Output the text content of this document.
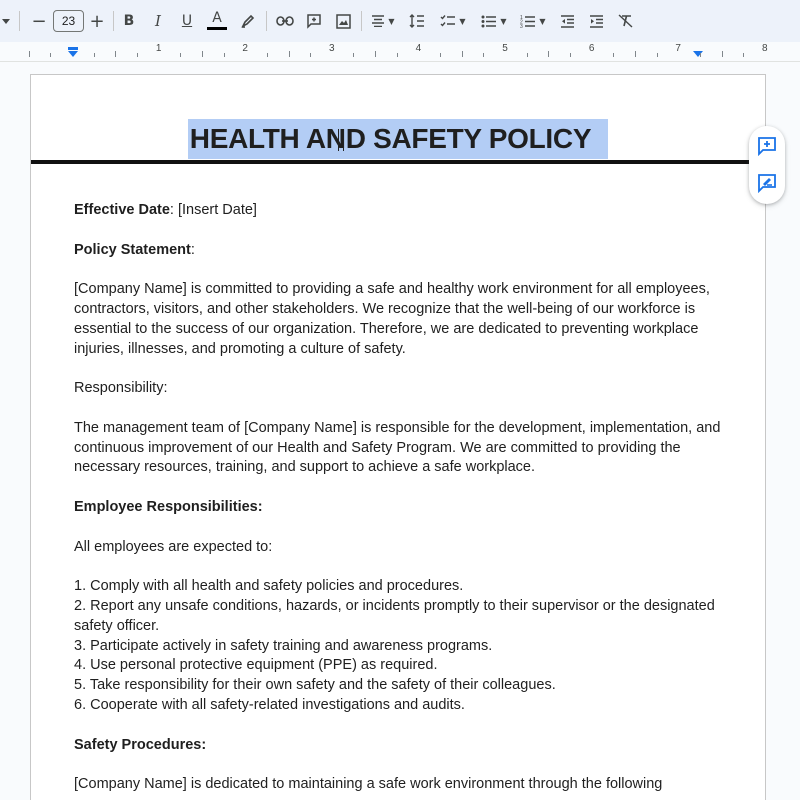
−	23 +	B	I	U	A	▼	▼	▼	1
2
3
▼
1	2	3	4	5	6	7	8
HEALTH AND SAFETY POLICY

Effective Date: [Insert Date]

Policy Statement:

[Company Name] is committed to providing a safe and healthy work environment for all employees, contractors, visitors, and other stakeholders. We recognize that the well-being of our workforce is essential to the success of our organization. Therefore, we are dedicated to preventing workplace injuries, illnesses, and promoting a culture of safety.

Responsibility:

The management team of [Company Name] is responsible for the development, implementation, and continuous improvement of our Health and Safety Program. We are committed to providing the necessary resources, training, and support to achieve a safe workplace.

Employee Responsibilities:

All employees are expected to:

1. Comply with all health and safety policies and procedures.
2. Report any unsafe conditions, hazards, or incidents promptly to their supervisor or the designated safety officer.
3. Participate actively in safety training and awareness programs.
4. Use personal protective equipment (PPE) as required.
5. Take responsibility for their own safety and the safety of their colleagues.
6. Cooperate with all safety-related investigations and audits.

Safety Procedures:

[Company Name] is dedicated to maintaining a safe work environment through the following
